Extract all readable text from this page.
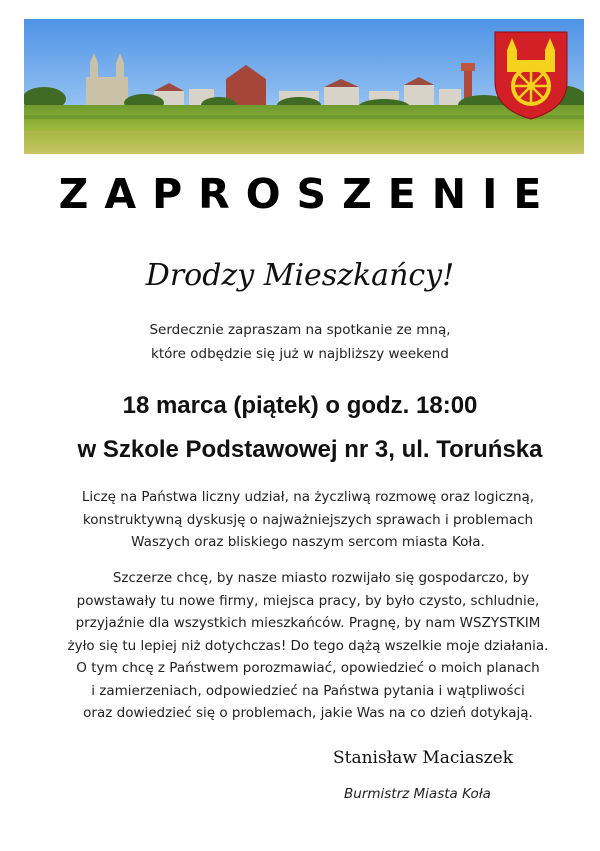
ZAPROSZENIE
Drodzy Mieszkańcy!
Serdecznie zapraszam na spotkanie ze mną,
które odbędzie się już w najbliższy weekend
18 marca (piątek) o godz. 18:00
w Szkole Podstawowej nr 3, ul. Toruńska
Liczę na Państwa liczny udział, na życzliwą rozmowę oraz logiczną,
konstruktywną dyskusję o najważniejszych sprawach i problemach
Waszych oraz bliskiego naszym sercom miasta Koła.
Szczerze chcę, by nasze miasto rozwijało się gospodarczo, by
powstawały tu nowe firmy, miejsca pracy, by było czysto, schludnie,
przyjaźnie dla wszystkich mieszkańców. Pragnę, by nam WSZYSTKIM
żyło się tu lepiej niż dotychczas! Do tego dążą wszelkie moje działania.
O tym chcę z Państwem porozmawiać, opowiedzieć o moich planach
i zamierzeniach, odpowiedzieć na Państwa pytania i wątpliwości
oraz dowiedzieć się o problemach, jakie Was na co dzień dotykają.
Stanisław Maciaszek
Burmistrz Miasta Koła
